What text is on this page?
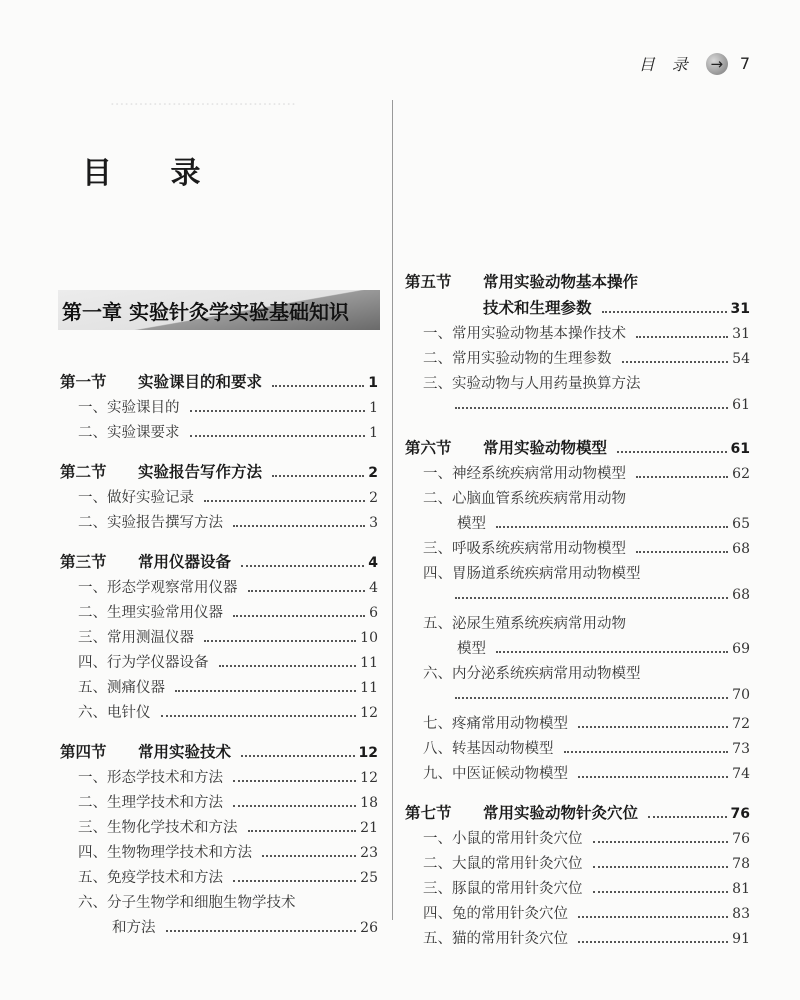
·······································
目 录	→ 7
目 录
第一章 实验针灸学实验基础知识
第一节	实验课目的和要求	1
一、实验课目的	1
二、实验课要求	1
第二节	实验报告写作方法	2
一、做好实验记录	2
二、实验报告撰写方法	3
第三节	常用仪器设备	4
一、形态学观察常用仪器	4
二、生理实验常用仪器	6
三、常用测温仪器	10
四、行为学仪器设备	11
五、测痛仪器	11
六、电针仪	12
第四节	常用实验技术	12
一、形态学技术和方法	12
二、生理学技术和方法	18
三、生物化学技术和方法	21
四、生物物理学技术和方法	23
五、免疫学技术和方法	25
六、分子生物学和细胞生物学技术
和方法	26
第五节	常用实验动物基本操作
技术和生理参数	31
一、常用实验动物基本操作技术	31
二、常用实验动物的生理参数	54
三、实验动物与人用药量换算方法
61
第六节	常用实验动物模型	61
一、神经系统疾病常用动物模型	62
二、心脑血管系统疾病常用动物
模型	65
三、呼吸系统疾病常用动物模型	68
四、胃肠道系统疾病常用动物模型
68
五、泌尿生殖系统疾病常用动物
模型	69
六、内分泌系统疾病常用动物模型
70
七、疼痛常用动物模型	72
八、转基因动物模型	73
九、中医证候动物模型	74
第七节	常用实验动物针灸穴位	76
一、小鼠的常用针灸穴位	76
二、大鼠的常用针灸穴位	78
三、豚鼠的常用针灸穴位	81
四、兔的常用针灸穴位	83
五、猫的常用针灸穴位	91
